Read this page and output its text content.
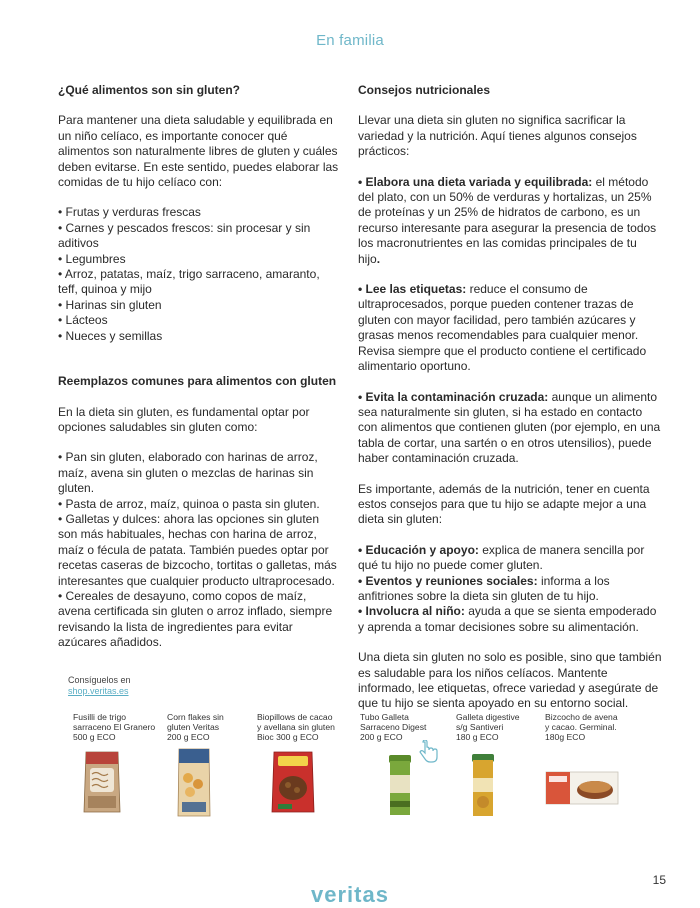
En familia

¿Qué alimentos son sin gluten?

Para mantener una dieta saludable y equilibrada en un niño celíaco, es importante conocer qué alimentos son naturalmente libres de gluten y cuáles deben evitarse. En este sentido, puedes elaborar las comidas de tu hijo celíaco con:

• Frutas y verduras frescas
• Carnes y pescados frescos: sin procesar y sin aditivos
• Legumbres
• Arroz, patatas, maíz, trigo sarraceno, amaranto, teff, quinoa y mijo
• Harinas sin gluten
• Lácteos
• Nueces y semillas

Reemplazos comunes para alimentos con gluten

En la dieta sin gluten, es fundamental optar por opciones saludables sin gluten como:

• Pan sin gluten, elaborado con harinas de arroz, maíz, avena sin gluten o mezclas de harinas sin gluten.
• Pasta de arroz, maíz, quinoa o pasta sin gluten.
• Galletas y dulces: ahora las opciones sin gluten son más habituales, hechas con harina de arroz, maíz o fécula de patata. También puedes optar por recetas caseras de bizcocho, tortitas o galletas, más interesantes que cualquier producto ultraprocesado.
• Cereales de desayuno, como copos de maíz, avena certificada sin gluten o arroz inflado, siempre revisando la lista de ingredientes para evitar azúcares añadidos.

Consejos nutricionales

Llevar una dieta sin gluten no significa sacrificar la variedad y la nutrición. Aquí tienes algunos consejos prácticos:

• Elabora una dieta variada y equilibrada: el método del plato, con un 50% de verduras y hortalizas, un 25% de proteínas y un 25% de hidratos de carbono, es un recurso interesante para asegurar la presencia de todos los macronutrientes en las comidas principales de tu hijo.

• Lee las etiquetas: reduce el consumo de ultraprocesados, porque pueden contener trazas de gluten con mayor facilidad, pero también azúcares y grasas menos recomendables para cualquier menor. Revisa siempre que el producto contiene el certificado alimentario oportuno.

• Evita la contaminación cruzada: aunque un alimento sea naturalmente sin gluten, si ha estado en contacto con alimentos que contienen gluten (por ejemplo, en una tabla de cortar, una sartén o en otros utensilios), puede haber contaminación cruzada.

Es importante, además de la nutrición, tener en cuenta estos consejos para que tu hijo se adapte mejor a una dieta sin gluten:

• Educación y apoyo: explica de manera sencilla por qué tu hijo no puede comer gluten.

• Eventos y reuniones sociales: informa a los anfitriones sobre la dieta sin gluten de tu hijo.

• Involucra al niño: ayuda a que se sienta empoderado y aprenda a tomar decisiones sobre su alimentación.

Una dieta sin gluten no solo es posible, sino que también es saludable para los niños celíacos. Mantente informado, lee etiquetas, ofrece variedad y asegúrate de que tu hijo se sienta apoyado en su entorno social.

Consíguelos en
shop.veritas.es
Fusilli de trigo
sarraceno El Granero
500 g ECO
Corn flakes sin
gluten Veritas
200 g ECO
Biopillows de cacao
y avellana sin gluten
Bioc 300 g ECO
Tubo Galleta
Sarraceno Digest
200 g ECO
Galleta digestive
s/g Santiveri
180 g ECO
Bizcocho de avena
y cacao. Germinal.
180g ECO
veritas
15
